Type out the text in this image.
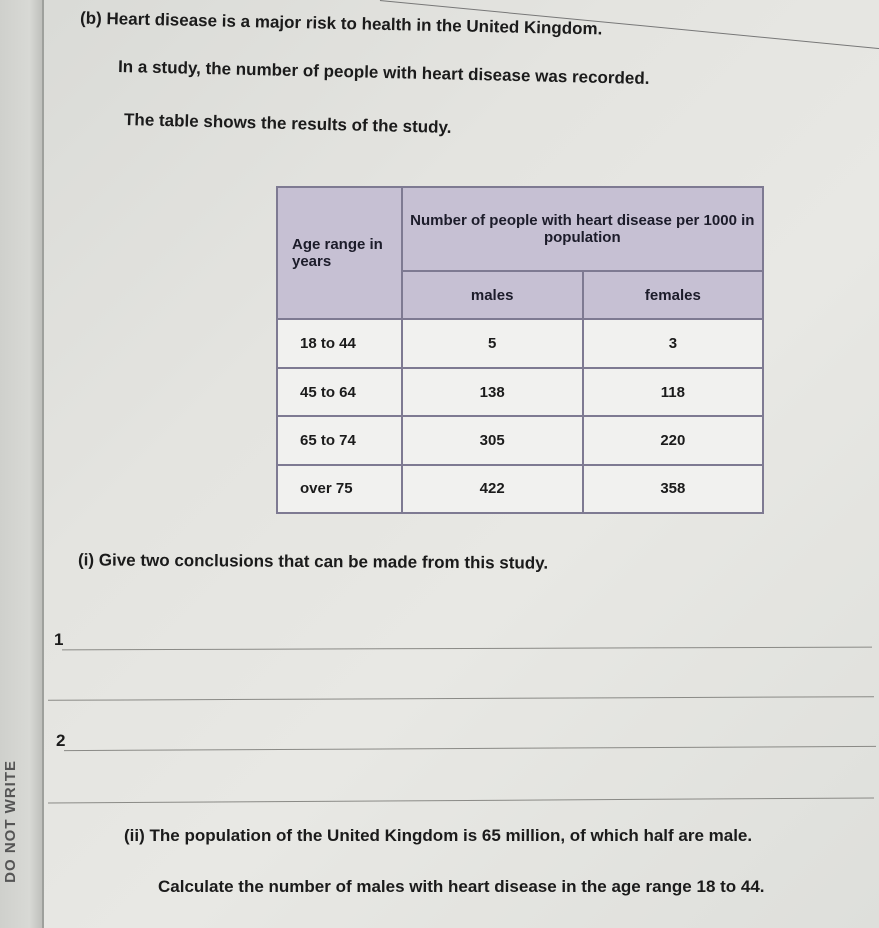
DO NOT WRITE
(b) Heart disease is a major risk to health in the United Kingdom.
In a study, the number of people with heart disease was recorded.
The table shows the results of the study.
Age range in years	Number of people with heart disease per 1000 in population	
	males	females
18 to 44	5	3
45 to 64	138	118
65 to 74	305	220
over 75	422	358
(i) Give two conclusions that can be made from this study.
1
2
(ii) The population of the United Kingdom is 65 million, of which half are male.
Calculate the number of males with heart disease in the age range 18 to 44.
